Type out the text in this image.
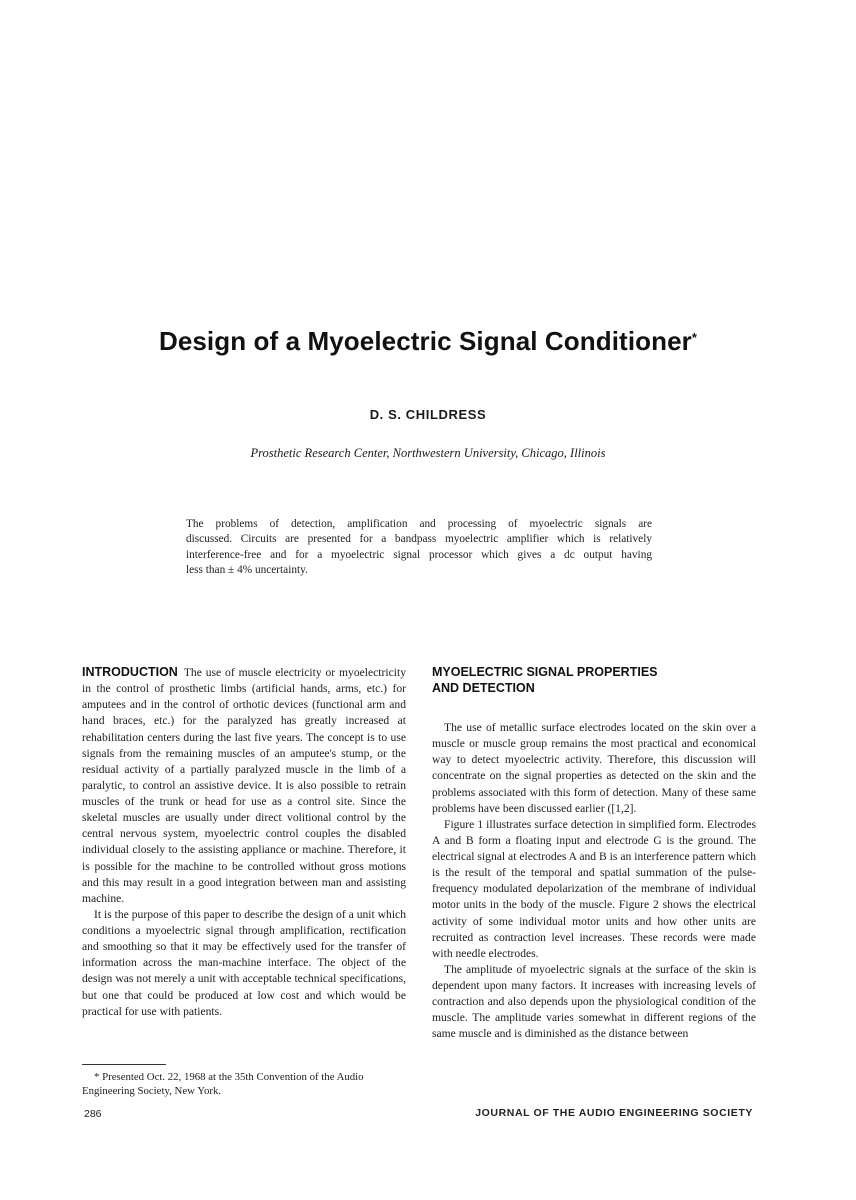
Design of a Myoelectric Signal Conditioner*
D. S. CHILDRESS
Prosthetic Research Center, Northwestern University, Chicago, Illinois
The problems of detection, amplification and processing of myoelectric signals are
discussed. Circuits are presented for a bandpass myoelectric amplifier which is relatively
interference-free and for a myoelectric signal processor which gives a dc output having
less than ± 4% uncertainty.

INTRODUCTION The use of muscle electricity or myoelectricity in the control of prosthetic limbs (artificial hands, arms, etc.) for amputees and in the control of orthotic devices (functional arm and hand braces, etc.) for the paralyzed has greatly increased at rehabilitation centers during the last five years. The concept is to use signals from the remaining muscles of an amputee's stump, or the residual activity of a partially paralyzed muscle in the limb of a paralytic, to control an assistive device. It is also possible to retrain muscles of the trunk or head for use as a control site. Since the skeletal muscles are usually under direct volitional control by the central nervous system, myoelectric control couples the disabled individual closely to the assisting appliance or machine. Therefore, it is possible for the machine to be controlled without gross motions and this may result in a good integration between man and assisting machine.

It is the purpose of this paper to describe the design of a unit which conditions a myoelectric signal through amplification, rectification and smoothing so that it may be effectively used for the transfer of information across the man-machine interface. The object of the design was not merely a unit with acceptable technical specifications, but one that could be produced at low cost and which would be practical for use with patients.

* Presented Oct. 22, 1968 at the 35th Convention of the Audio Engineering Society, New York.

MYOELECTRIC SIGNAL PROPERTIES
AND DETECTION

The use of metallic surface electrodes located on the skin over a muscle or muscle group remains the most practical and economical way to detect myoelectric activity. Therefore, this discussion will concentrate on the signal properties as detected on the skin and the problems associated with this form of detection. Many of these same problems have been discussed earlier ([1,2].

Figure 1 illustrates surface detection in simplified form. Electrodes A and B form a floating input and electrode G is the ground. The electrical signal at electrodes A and B is an interference pattern which is the result of the temporal and spatial summation of the pulse-frequency modulated depolarization of the membrane of individual motor units in the body of the muscle. Figure 2 shows the electrical activity of some individual motor units and how other units are recruited as contraction level increases. These records were made with needle electrodes.

The amplitude of myoelectric signals at the surface of the skin is dependent upon many factors. It increases with increasing levels of contraction and also depends upon the physiological condition of the muscle. The amplitude varies somewhat in different regions of the same muscle and is diminished as the distance between

286	JOURNAL OF THE AUDIO ENGINEERING SOCIETY
